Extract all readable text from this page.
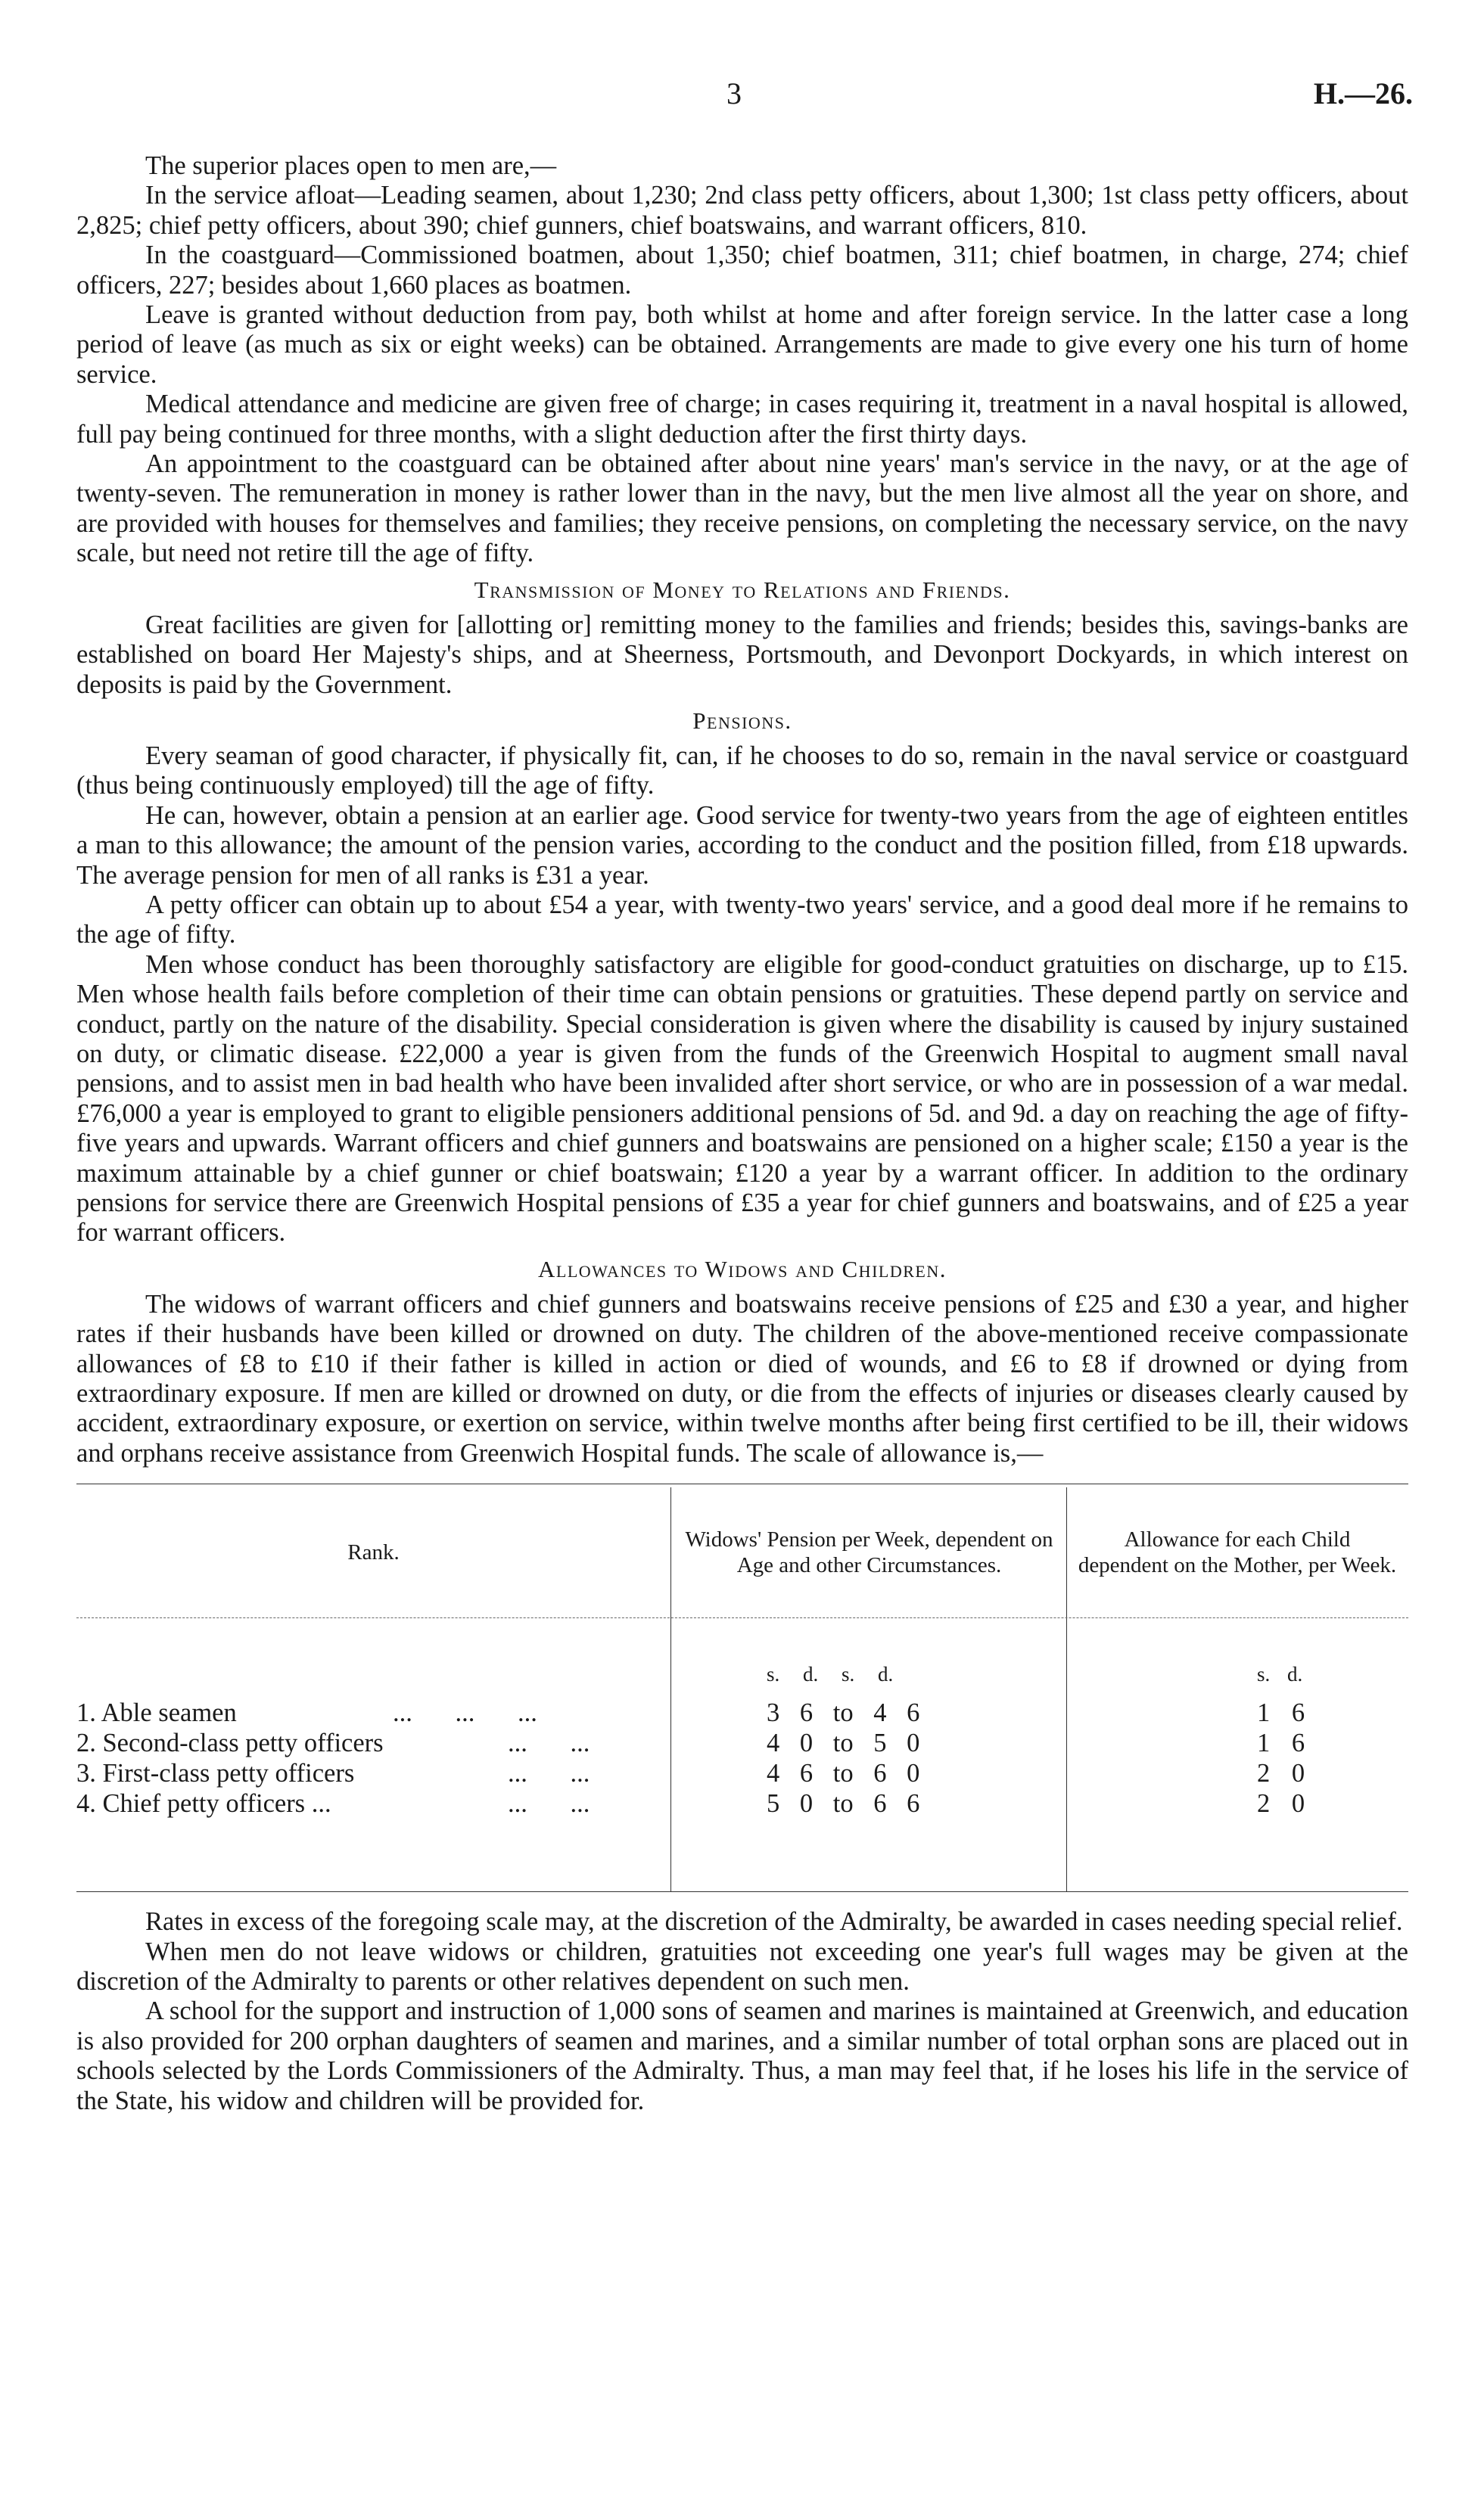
3	H.—26.

The superior places open to men are,—

In the service afloat—Leading seamen, about 1,230; 2nd class petty officers, about 1,300; 1st class petty officers, about 2,825; chief petty officers, about 390; chief gunners, chief boatswains, and warrant officers, 810.

In the coastguard—Commissioned boatmen, about 1,350; chief boatmen, 311; chief boatmen, in charge, 274; chief officers, 227; besides about 1,660 places as boatmen.

Leave is granted without deduction from pay, both whilst at home and after foreign service. In the latter case a long period of leave (as much as six or eight weeks) can be obtained. Arrangements are made to give every one his turn of home service.

Medical attendance and medicine are given free of charge; in cases requiring it, treatment in a naval hospital is allowed, full pay being continued for three months, with a slight deduction after the first thirty days.

An appointment to the coastguard can be obtained after about nine years' man's service in the navy, or at the age of twenty-seven. The remuneration in money is rather lower than in the navy, but the men live almost all the year on shore, and are provided with houses for themselves and families; they receive pensions, on completing the necessary service, on the navy scale, but need not retire till the age of fifty.

Transmission of Money to Relations and Friends.

Great facilities are given for [allotting or] remitting money to the families and friends; besides this, savings-banks are established on board Her Majesty's ships, and at Sheerness, Portsmouth, and Devonport Dockyards, in which interest on deposits is paid by the Government.

Pensions.

Every seaman of good character, if physically fit, can, if he chooses to do so, remain in the naval service or coastguard (thus being continuously employed) till the age of fifty.

He can, however, obtain a pension at an earlier age. Good service for twenty-two years from the age of eighteen entitles a man to this allowance; the amount of the pension varies, according to the conduct and the position filled, from £18 upwards. The average pension for men of all ranks is £31 a year.

A petty officer can obtain up to about £54 a year, with twenty-two years' service, and a good deal more if he remains to the age of fifty.

Men whose conduct has been thoroughly satisfactory are eligible for good-conduct gratuities on discharge, up to £15. Men whose health fails before completion of their time can obtain pensions or gratuities. These depend partly on service and conduct, partly on the nature of the disability. Special consideration is given where the disability is caused by injury sustained on duty, or climatic disease. £22,000 a year is given from the funds of the Greenwich Hospital to augment small naval pensions, and to assist men in bad health who have been invalided after short service, or who are in possession of a war medal. £76,000 a year is employed to grant to eligible pensioners additional pensions of 5d. and 9d. a day on reaching the age of fifty-five years and upwards. Warrant officers and chief gunners and boatswains are pensioned on a higher scale; £150 a year is the maximum attainable by a chief gunner or chief boatswain; £120 a year by a warrant officer. In addition to the ordinary pensions for service there are Greenwich Hospital pensions of £35 a year for chief gunners and boatswains, and of £25 a year for warrant officers.

Allowances to Widows and Children.

The widows of warrant officers and chief gunners and boatswains receive pensions of £25 and £30 a year, and higher rates if their husbands have been killed or drowned on duty. The children of the above-mentioned receive compassionate allowances of £8 to £10 if their father is killed in action or died of wounds, and £6 to £8 if drowned or dying from extraordinary exposure. If men are killed or drowned on duty, or die from the effects of injuries or diseases clearly caused by accident, extraordinary exposure, or exertion on service, within twelve months after being first certified to be ill, their widows and orphans receive assistance from Greenwich Hospital funds. The scale of allowance is,—

Rank.
Widows' Pension per Week, dependent on Age and other Circumstances.
Allowance for each Child dependent on the Mother, per Week.
s. d. s. d.	s. d.
1. Able seamen	... ... ...	3 6 to 4 6	1 6
2. Second-class petty officers	... ...	4 0 to 5 0	1 6
3. First-class petty officers	... ...	4 6 to 6 0	2 0
4. Chief petty officers ...	... ...	5 0 to 6 6	2 0

Rates in excess of the foregoing scale may, at the discretion of the Admiralty, be awarded in cases needing special relief.

When men do not leave widows or children, gratuities not exceeding one year's full wages may be given at the discretion of the Admiralty to parents or other relatives dependent on such men.

A school for the support and instruction of 1,000 sons of seamen and marines is maintained at Greenwich, and education is also provided for 200 orphan daughters of seamen and marines, and a similar number of total orphan sons are placed out in schools selected by the Lords Commissioners of the Admiralty. Thus, a man may feel that, if he loses his life in the service of the State, his widow and children will be provided for.
